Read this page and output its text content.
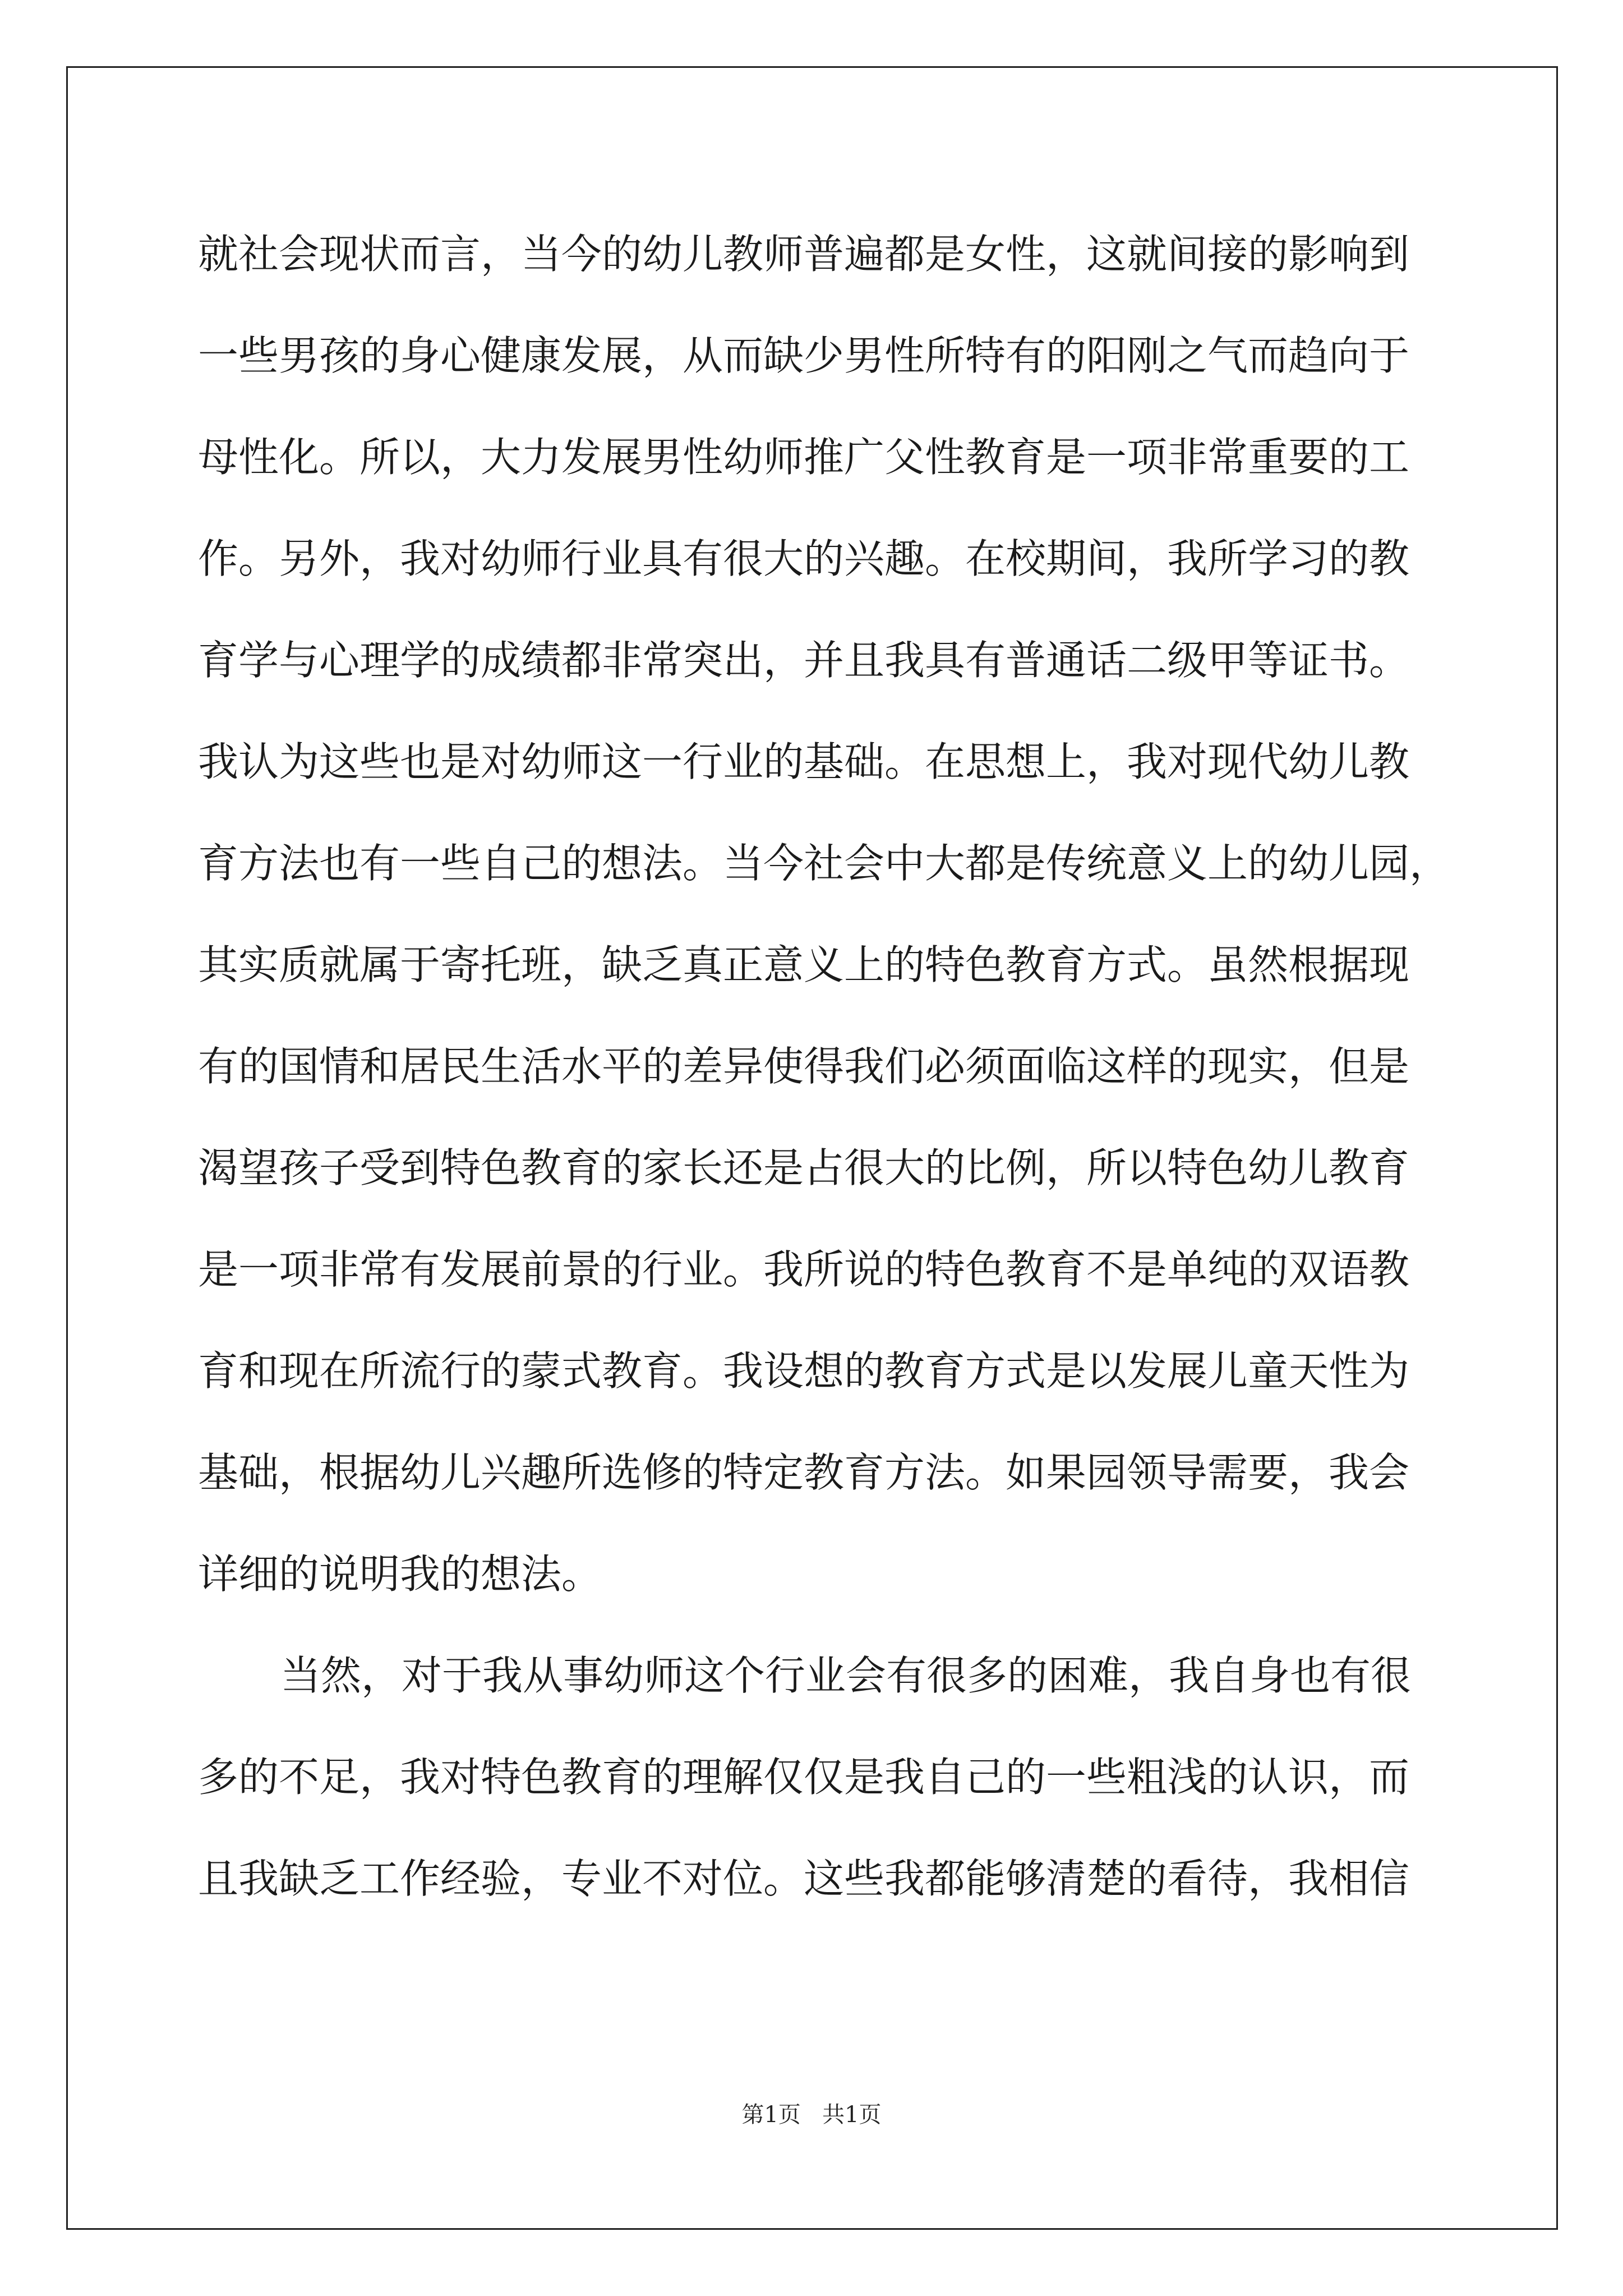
就社会现状而言，当今的幼儿教师普遍都是女性，这就间接的影响到
一些男孩的身心健康发展，从而缺少男性所特有的阳刚之气而趋向于
母性化。所以，大力发展男性幼师推广父性教育是一项非常重要的工
作。另外，我对幼师行业具有很大的兴趣。在校期间，我所学习的教
育学与心理学的成绩都非常突出，并且我具有普通话二级甲等证书。
我认为这些也是对幼师这一行业的基础。在思想上，我对现代幼儿教
育方法也有一些自己的想法。当今社会中大都是传统意义上的幼儿园，
其实质就属于寄托班，缺乏真正意义上的特色教育方式。虽然根据现
有的国情和居民生活水平的差异使得我们必须面临这样的现实，但是
渴望孩子受到特色教育的家长还是占很大的比例，所以特色幼儿教育
是一项非常有发展前景的行业。我所说的特色教育不是单纯的双语教
育和现在所流行的蒙式教育。我设想的教育方式是以发展儿童天性为
基础，根据幼儿兴趣所选修的特定教育方法。如果园领导需要，我会
详细的说明我的想法。
当然，对于我从事幼师这个行业会有很多的困难，我自身也有很
多的不足，我对特色教育的理解仅仅是我自己的一些粗浅的认识，而
且我缺乏工作经验，专业不对位。这些我都能够清楚的看待，我相信
第1页 共1页
